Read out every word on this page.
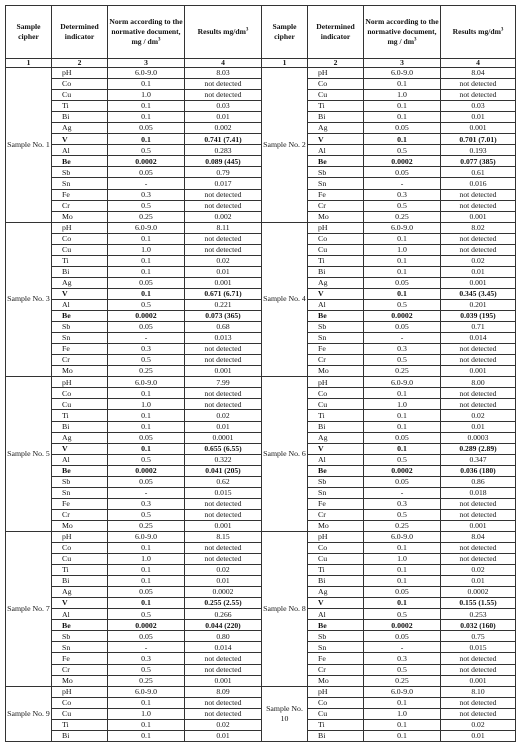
Sample cipher	Determined indicator	Norm according to the normative document, mg / $dm^3$	Results $mg/dm^3$	Sample cipher	Determined indicator	Norm according to the normative document, mg / $dm^3$	Results $mg/dm^3$
1	2	3	4	1	2	3	4
Sample No. 1	pH	6.0-9.0	8.03	Sample No. 2	pH	6.0-9.0	8.04
	Co	0.1	not detected		Co	0.1	not detected
	Cu	1.0	not detected		Cu	1.0	not detected
	Ti	0.1	0.03		Ti	0.1	0.03
	Bi	0.1	0.01		Bi	0.1	0.01
	Ag	0.05	0.002		Ag	0.05	0.001
	V	0.1	0.741 (7.41)		V	0.1	0.701 (7.01)
	Al	0.5	0.283		Al	0.5	0.193
	Be	0.0002	0.089 (445)		Be	0.0002	0.077 (385)
	Sb	0.05	0.79		Sb	0.05	0.61
	Sn	-	0.017		Sn	-	0.016
	Fe	0.3	not detected		Fe	0.3	not detected
	Cr	0.5	not detected		Cr	0.5	not detected
	Mo	0.25	0.002		Mo	0.25	0.001
Sample No. 3	pH	6.0-9.0	8.11	Sample No. 4	pH	6.0-9.0	8.02
	Co	0.1	not detected		Co	0.1	not detected
	Cu	1.0	not detected		Cu	1.0	not detected
	Ti	0.1	0.02		Ti	0.1	0.02
	Bi	0.1	0.01		Bi	0.1	0.01
	Ag	0.05	0.001		Ag	0.05	0.001
	V	0.1	0.671 (6.71)		V	0.1	0.345 (3.45)
	Al	0.5	0.221		Al	0.5	0.201
	Be	0.0002	0.073 (365)		Be	0.0002	0.039 (195)
	Sb	0.05	0.68		Sb	0.05	0.71
	Sn	-	0.013		Sn	-	0.014
	Fe	0.3	not detected		Fe	0.3	not detected
	Cr	0.5	not detected		Cr	0.5	not detected
	Mo	0.25	0.001		Mo	0.25	0.001
Sample No. 5	pH	6.0-9.0	7.99	Sample No. 6	pH	6.0-9.0	8.00
	Co	0.1	not detected		Co	0.1	not detected
	Cu	1.0	not detected		Cu	1.0	not detected
	Ti	0.1	0.02		Ti	0.1	0.02
	Bi	0.1	0.01		Bi	0.1	0.01
	Ag	0.05	0.0001		Ag	0.05	0.0003
	V	0.1	0.655 (6.55)		V	0.1	0.289 (2.89)
	Al	0.5	0.322		Al	0.5	0.347
	Be	0.0002	0.041 (205)		Be	0.0002	0.036 (180)
	Sb	0.05	0.62		Sb	0.05	0.86
	Sn	-	0.015		Sn	-	0.018
	Fe	0.3	not detected		Fe	0.3	not detected
	Cr	0.5	not detected		Cr	0.5	not detected
	Mo	0.25	0.001		Mo	0.25	0.001
Sample No. 7	pH	6.0-9.0	8.15	Sample No. 8	pH	6.0-9.0	8.04
	Co	0.1	not detected		Co	0.1	not detected
	Cu	1.0	not detected		Cu	1.0	not detected
	Ti	0.1	0.02		Ti	0.1	0.02
	Bi	0.1	0.01		Bi	0.1	0.01
	Ag	0.05	0.0002		Ag	0.05	0.0002
	V	0.1	0.255 (2.55)		V	0.1	0.155 (1.55)
	Al	0.5	0.266		Al	0.5	0.253
	Be	0.0002	0.044 (220)		Be	0.0002	0.032 (160)
	Sb	0.05	0.80		Sb	0.05	0.75
	Sn	-	0.014		Sn	-	0.015
	Fe	0.3	not detected		Fe	0.3	not detected
	Cr	0.5	not detected		Cr	0.5	not detected
	Mo	0.25	0.001		Mo	0.25	0.001
Sample No. 9	pH	6.0-9.0	8.09	Sample No. 10	pH	6.0-9.0	8.10
	Co	0.1	not detected		Co	0.1	not detected
	Cu	1.0	not detected		Cu	1.0	not detected
	Ti	0.1	0.02		Ti	0.1	0.02
	Bi	0.1	0.01		Bi	0.1	0.01
